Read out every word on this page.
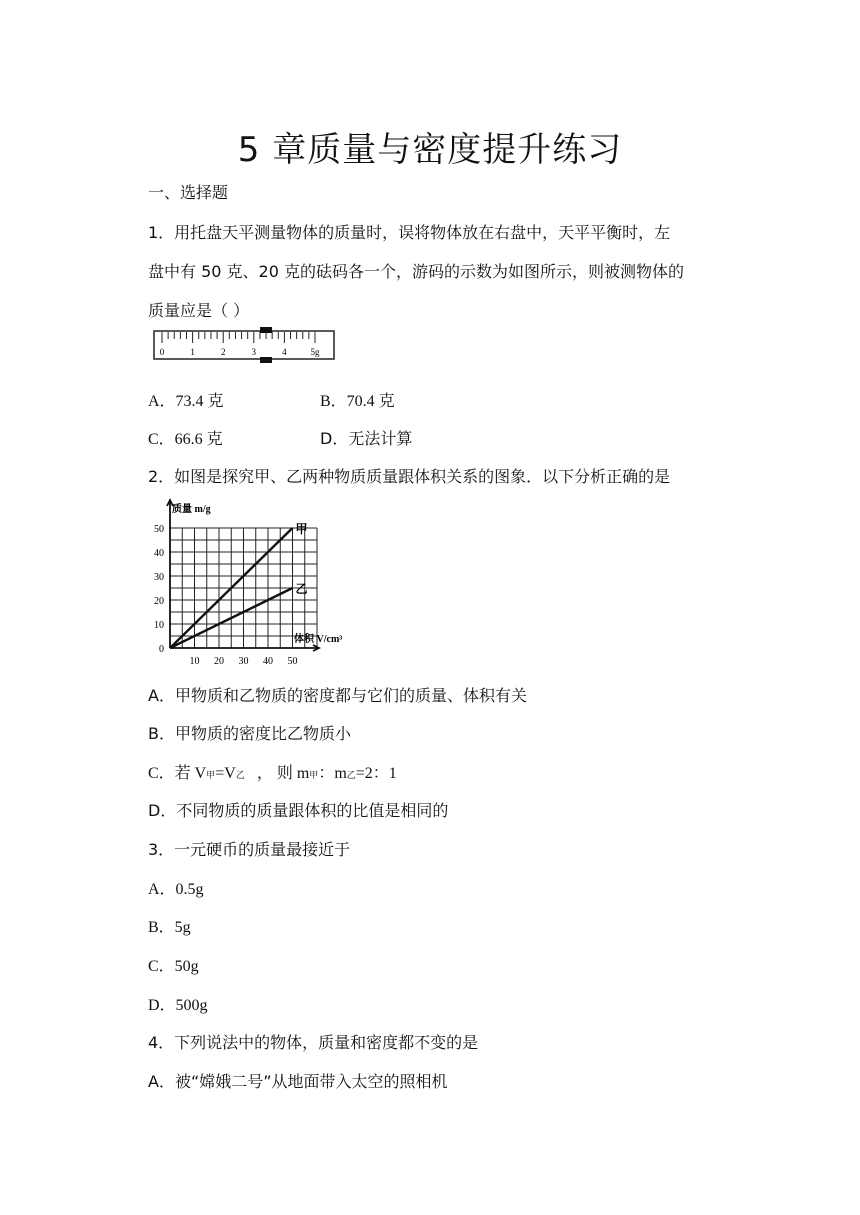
5 章质量与密度提升练习
一、选择题
1．用托盘天平测量物体的质量时，误将物体放在右盘中，天平平衡时，左
盘中有 50 克、20 克的砝码各一个，游码的示数为如图所示，则被测物体的
质量应是（ ）
0	1	2	3	4	5g
A．73.4 克	B．70.4 克
C．66.6 克	D．无法计算
2．如图是探究甲、乙两种物质质量跟体积关系的图象．以下分析正确的是
甲
乙
0
10
20
30
40
50
10 20 30 40 50
质量 m/g
体积 V/cm³
A．甲物质和乙物质的密度都与它们的质量、体积有关
B．甲物质的密度比乙物质小
C．若 V甲=V乙 ， 则 m甲：m乙=2：1
D．不同物质的质量跟体积的比值是相同的
3．一元硬币的质量最接近于
A．0.5g
B．5g
C．50g
D．500g
4．下列说法中的物体，质量和密度都不变的是
A．被“嫦娥二号”从地面带入太空的照相机
